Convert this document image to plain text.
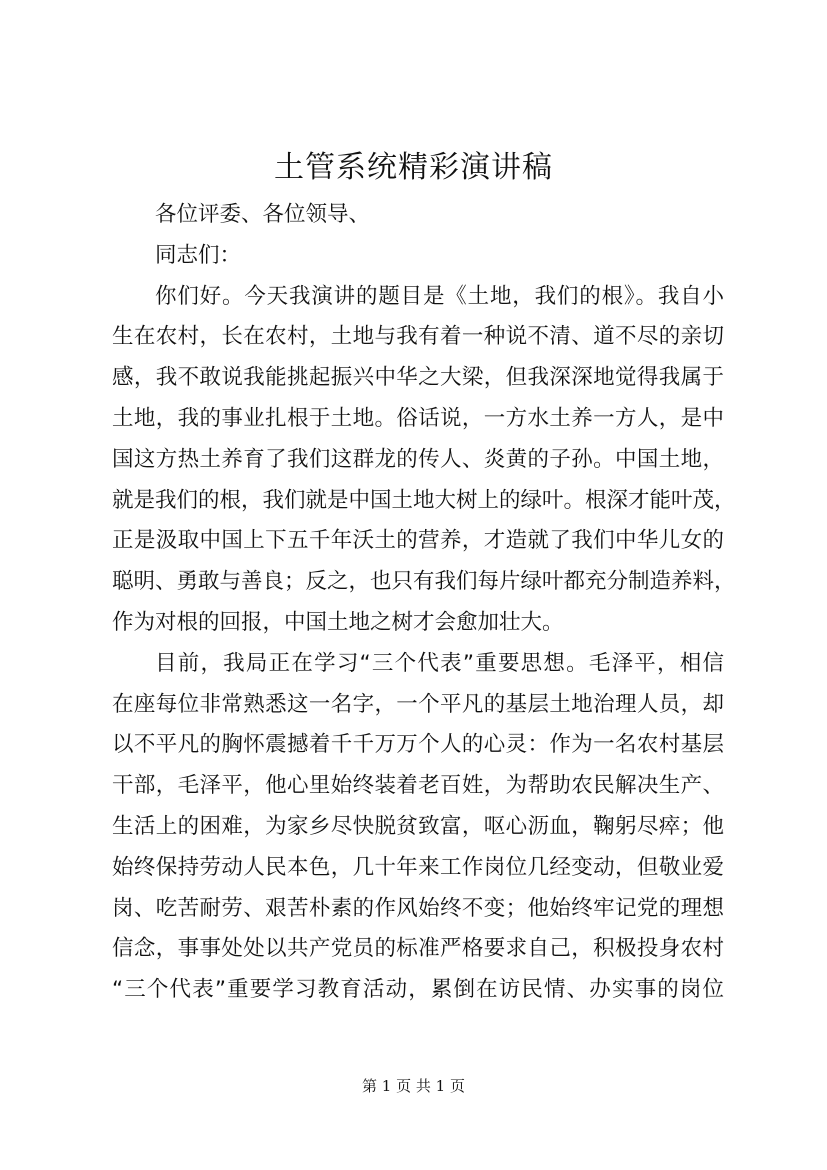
土管系统精彩演讲稿
各位评委、各位领导、
同志们：
你们好。今天我演讲的题目是《土地，我们的根》。我自小
生在农村，长在农村，土地与我有着一种说不清、道不尽的亲切
感，我不敢说我能挑起振兴中华之大梁，但我深深地觉得我属于
土地，我的事业扎根于土地。俗话说，一方水土养一方人，是中
国这方热土养育了我们这群龙的传人、炎黄的子孙。中国土地，
就是我们的根，我们就是中国土地大树上的绿叶。根深才能叶茂，
正是汲取中国上下五千年沃土的营养，才造就了我们中华儿女的
聪明、勇敢与善良；反之，也只有我们每片绿叶都充分制造养料，
作为对根的回报，中国土地之树才会愈加壮大。
目前，我局正在学习“三个代表”重要思想。毛泽平，相信
在座每位非常熟悉这一名字，一个平凡的基层土地治理人员，却
以不平凡的胸怀震撼着千千万万个人的心灵：作为一名农村基层
干部，毛泽平，他心里始终装着老百姓，为帮助农民解决生产、
生活上的困难，为家乡尽快脱贫致富，呕心沥血，鞠躬尽瘁；他
始终保持劳动人民本色，几十年来工作岗位几经变动，但敬业爱
岗、吃苦耐劳、艰苦朴素的作风始终不变；他始终牢记党的理想
信念，事事处处以共产党员的标准严格要求自己，积极投身农村
“三个代表”重要学习教育活动，累倒在访民情、办实事的岗位
第 1 页 共 1 页
